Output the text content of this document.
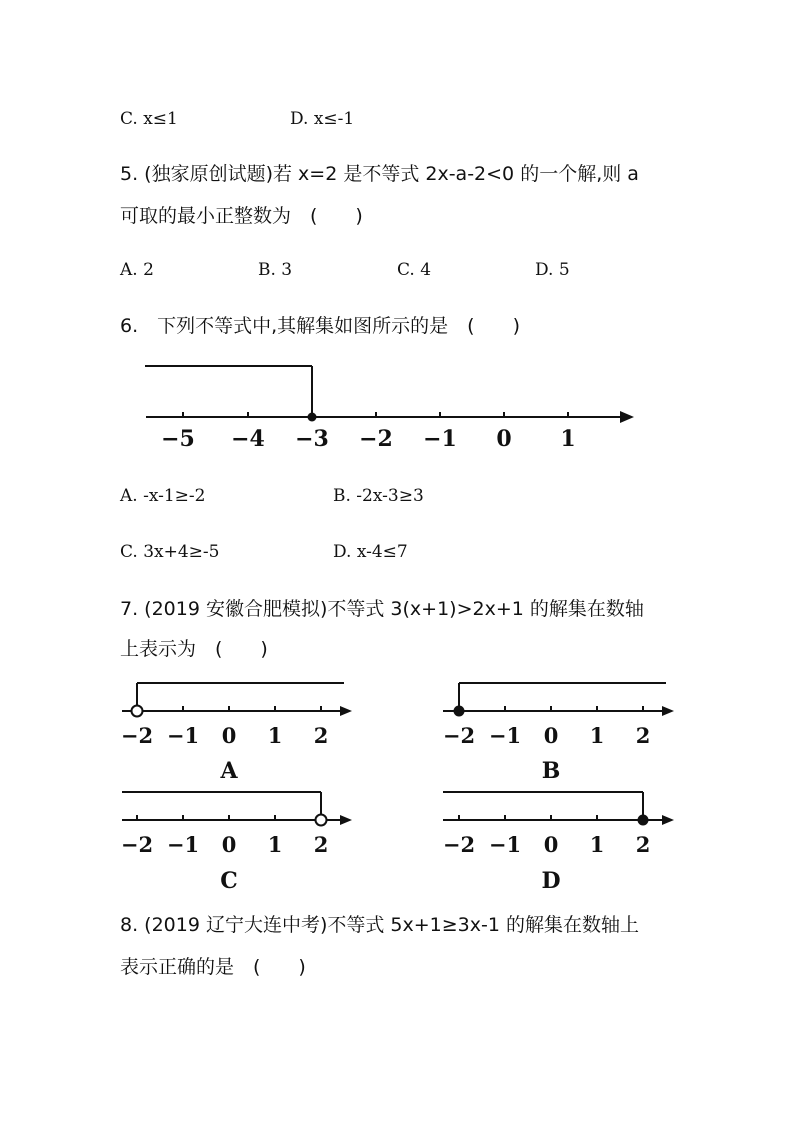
C. x≤1	D. x≤-1
5. (独家原创试题)若 x=2 是不等式 2x-a-2<0 的一个解,则 a
可取的最小正整数为　(　　)
A. 2	B. 3	C. 4	D. 5
6.　下列不等式中,其解集如图所示的是　(　　)
−5 −4 −3 −2 −1 0 1
A. -x-1≥-2	B. -2x-3≥3
C. 3x+4≥-5	D. x-4≤7
7. (2019 安徽合肥模拟)不等式 3(x+1)>2x+1 的解集在数轴
上表示为　(　　)
−2 −1 0 1 2
A
−2 −1 0 1 2
B
−2 −1 0 1 2
C
−2 −1 0 1 2
D
8. (2019 辽宁大连中考)不等式 5x+1≥3x-1 的解集在数轴上
表示正确的是　(　　)
